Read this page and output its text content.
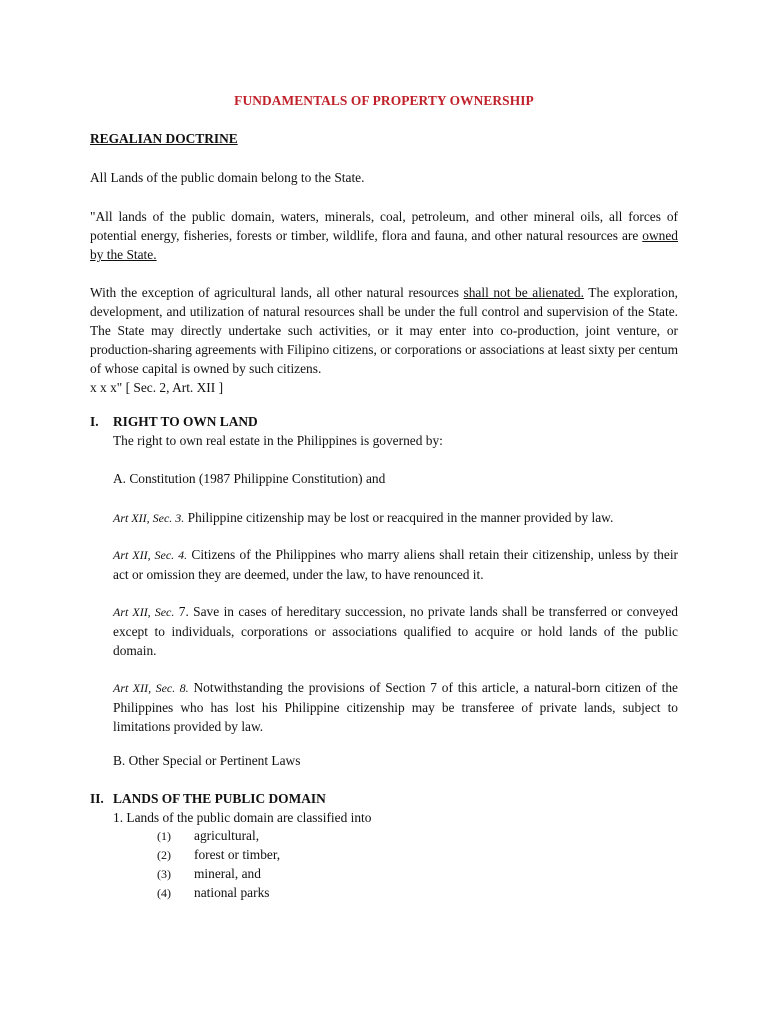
FUNDAMENTALS OF PROPERTY OWNERSHIP
REGALIAN DOCTRINE
All Lands of the public domain belong to the State.

"All lands of the public domain, waters, minerals, coal, petroleum, and other mineral oils, all forces of potential energy, fisheries, forests or timber, wildlife, flora and fauna, and other natural resources are owned by the State.

With the exception of agricultural lands, all other natural resources shall not be alienated. The exploration, development, and utilization of natural resources shall be under the full control and supervision of the State. The State may directly undertake such activities, or it may enter into co-production, joint venture, or production-sharing agreements with Filipino citizens, or corporations or associations at least sixty per centum of whose capital is owned by such citizens.

x x x" [ Sec. 2, Art. XII ]

I. RIGHT TO OWN LAND
The right to own real estate in the Philippines is governed by:
A. Constitution (1987 Philippine Constitution) and

Art XII, Sec. 3. Philippine citizenship may be lost or reacquired in the manner provided by law.

Art XII, Sec. 4. Citizens of the Philippines who marry aliens shall retain their citizenship, unless by their act or omission they are deemed, under the law, to have renounced it.

Art XII, Sec. 7. Save in cases of hereditary succession, no private lands shall be transferred or conveyed except to individuals, corporations or associations qualified to acquire or hold lands of the public domain.

Art XII, Sec. 8. Notwithstanding the provisions of Section 7 of this article, a natural-born citizen of the Philippines who has lost his Philippine citizenship may be transferee of private lands, subject to limitations provided by law.

B. Other Special or Pertinent Laws
II. LANDS OF THE PUBLIC DOMAIN
1. Lands of the public domain are classified into
(1) agricultural,
(2) forest or timber,
(3) mineral, and
(4) national parks
